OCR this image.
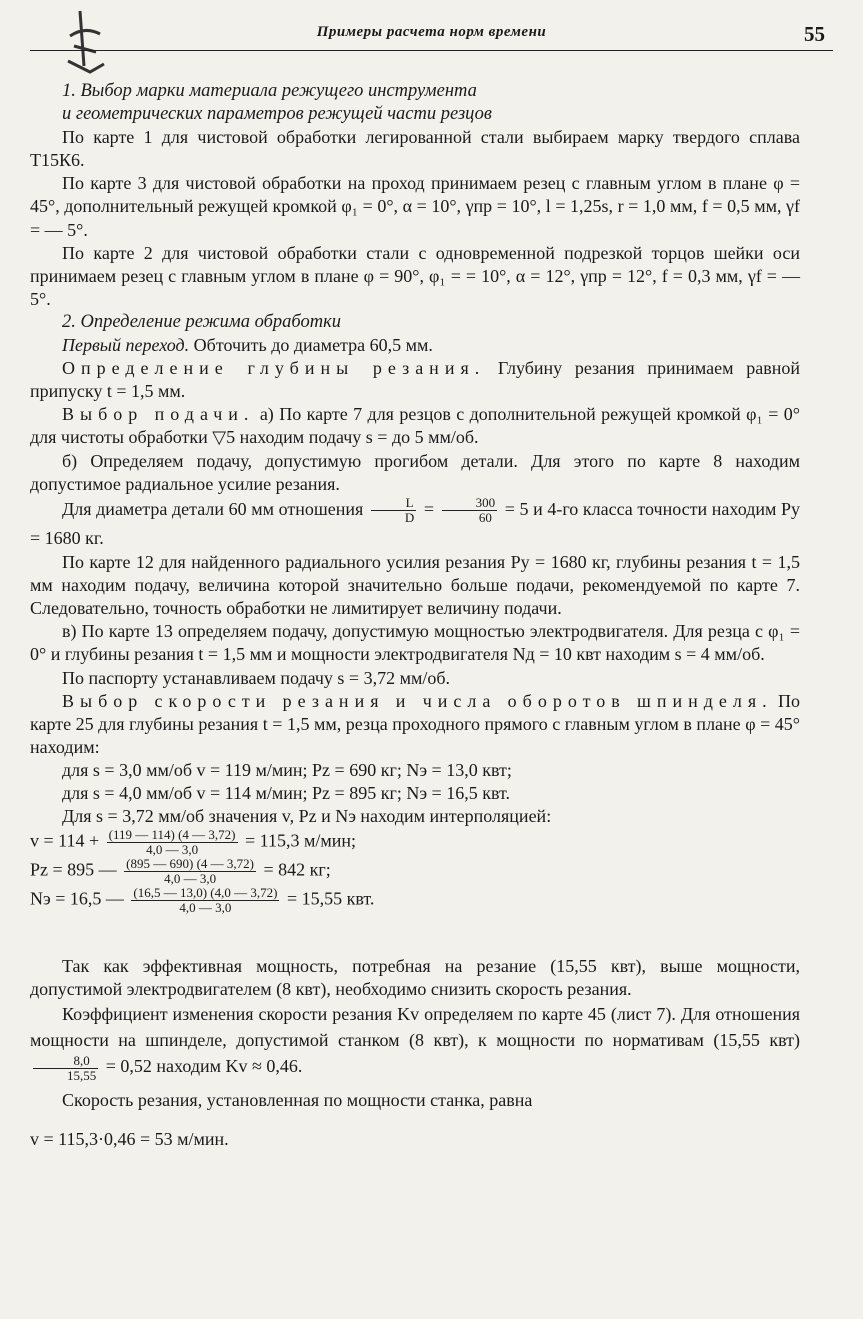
Примеры расчета норм времени	55

1. Выбор марки материала режущего инструмента

и геометрических параметров режущей части резцов

По карте 1 для чистовой обработки легированной стали выбираем марку твердого сплава Т15К6.

По карте 3 для чистовой обработки на проход принимаем резец с главным углом в плане φ = 45°, дополнительный режущей кромкой φ₁ = 0°, α = 10°, γпр = 10°, l = 1,25s, r = 1,0 мм, f = 0,5 мм, γf = — 5°.

По карте 2 для чистовой обработки стали с одновременной подрезкой торцов шейки оси принимаем резец с главным углом в плане φ = 90°, φ₁ = = 10°, α = 12°, γпр = 12°, f = 0,3 мм, γf = — 5°.

2. Определение режима обработки

Первый переход. Обточить до диаметра 60,5 мм.

Определение глубины резания. Глубину резания принимаем равной припуску t = 1,5 мм.

Выбор подачи. а) По карте 7 для резцов с дополнительной режущей кромкой φ₁ = 0° для чистоты обработки ▽5 находим подачу s = до 5 мм/об.

б) Определяем подачу, допустимую прогибом детали. Для этого по карте 8 находим допустимое радиальное усилие резания.

Для диаметра детали 60 мм отношения $\frac{L}{D} = \frac{300}{60} = 5$ и 4-го класса точности находим Pу = 1680 кг.

По карте 12 для найденного радиального усилия резания Pу = 1680 кг, глубины резания t = 1,5 мм находим подачу, величина которой значительно больше подачи, рекомендуемой по карте 7. Следовательно, точность обработки не лимитирует величину подачи.

в) По карте 13 определяем подачу, допустимую мощностью электродвигателя. Для резца с φ₁ = 0° и глубины резания t = 1,5 мм и мощности электродвигателя Nд = 10 квт находим s = 4 мм/об.

По паспорту устанавливаем подачу s = 3,72 мм/об.

Выбор скорости резания и числа оборотов шпинделя. По карте 25 для глубины резания t = 1,5 мм, резца проходного прямого с главным углом в плане φ = 45° находим:

для s = 3,0 мм/об v = 119 м/мин; Pz = 690 кг; Nэ = 13,0 квт;

для s = 4,0 мм/об v = 114 м/мин; Pz = 895 кг; Nэ = 16,5 квт.

Для s = 3,72 мм/об значения v, Pz и Nэ находим интерполяцией:

$v = 114 + \frac{(119 — 114) (4 — 3,72)}{4,0 — 3,0} = 115,3$ м/мин;

Pz = 895 — $\frac{(895 — 690) (4 — 3,72)}{4,0 — 3,0} = 842$ кг;

Nэ = 16,5 — $\frac{(16,5 — 13,0) (4,0 — 3,72)}{4,0 — 3,0} = 15,55$ квт.

Так как эффективная мощность, потребная на резание (15,55 квт), выше мощности, допустимой электродвигателем (8 квт), необходимо снизить скорость резания.

Коэффициент изменения скорости резания Kv определяем по карте 45 (лист 7). Для отношения мощности на шпинделе, допустимой станком (8 квт), к мощности по нормативам (15,55 квт)
$\frac{8,0}{15,55} = 0,52$ находим Kv ≈ 0,46.

Скорость резания, установленная по мощности станка, равна

v = 115,3·0,46 = 53 м/мин.
